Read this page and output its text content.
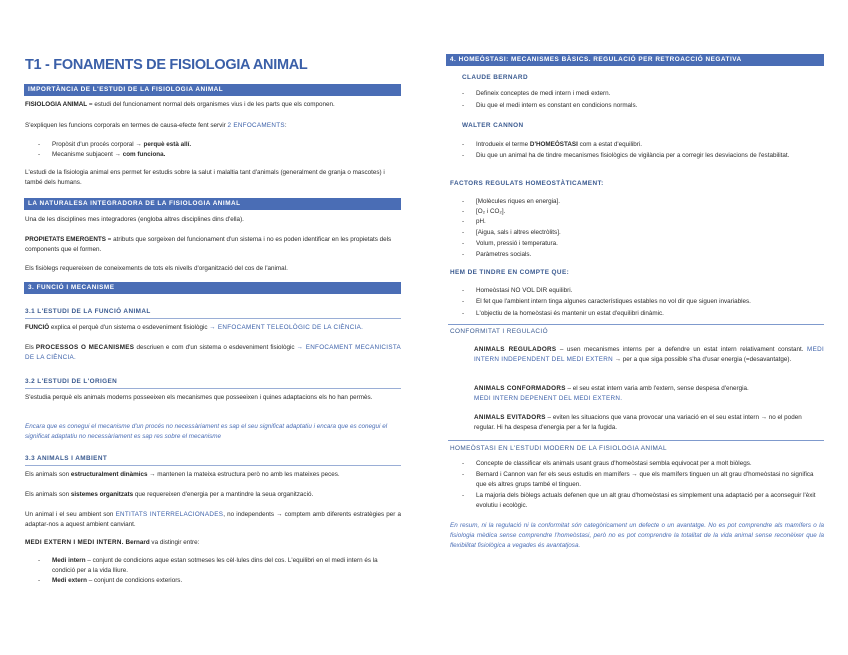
T1 - FONAMENTS DE FISIOLOGIA ANIMAL
IMPORTÀNCIA DE L'ESTUDI DE LA FISIOLOGIA ANIMAL
FISIOLOGIA ANIMAL = estudi del funcionament normal dels organismes vius i de les parts que els componen.
S'expliquen les funcions corporals en termes de causa-efecte fent servir 2 ENFOCAMENTS:
- Propòsit d'un procés corporal → perquè està allí.
- Mecanisme subjacent → com funciona.
L'estudi de la fisiologia animal ens permet fer estudis sobre la salut i malaltia tant d'animals (generalment de granja o mascotes) i també dels humans.
LA NATURALESA INTEGRADORA DE LA FISIOLOGIA ANIMAL
Una de les disciplines mes integradores (engloba altres disciplines dins d'ella).
PROPIETATS EMERGENTS = atributs que sorgeixen del funcionament d'un sistema i no es poden identificar en les propietats dels components que el formen.
Els fisiòlegs requereixen de coneixements de tots els nivells d'organització del cos de l'animal.
3. FUNCIÓ I MECANISME
3.1 L'ESTUDI DE LA FUNCIÓ ANIMAL
FUNCIÓ explica el perquè d'un sistema o esdeveniment fisiològic → ENFOCAMENT TELEOLÒGIC DE LA CIÈNCIA.
Els PROCESSOS O MECANISMES descriuen e com d'un sistema o esdeveniment fisiològic → ENFOCAMENT MECANICISTA DE LA CIÈNCIA.
3.2 L'ESTUDI DE L'ORIGEN
S'estudia perquè els animals moderns posseeixen els mecanismes que posseeixen i quines adaptacions els ho han permès.
Encara que es conegui el mecanisme d'un procés no necessàriament es sap el seu significat adaptatiu i encara que es conegui el significat adaptatiu no necessàriament es sap res sobre el mecanisme
3.3 ANIMALS I AMBIENT
Els animals son estructuralment dinàmics → mantenen la mateixa estructura però no amb les mateixes peces.
Els animals son sistemes organitzats que requereixen d'energia per a mantindre la seua organització.
Un animal i el seu ambient son ENTITATS INTERRELACIONADES, no independents → comptem amb diferents estratègies per a adaptar-nos a aquest ambient canviant.
MEDI EXTERN I MEDI INTERN. Bernard va distingir entre:
- Medi intern – conjunt de condicions aque estan sotmeses les cèl·lules dins del cos. L'equilibri en el medi intern és la condició per a la vida lliure.
- Medi extern – conjunt de condicions exteriors.
4. HOMEÒSTASI: MECANISMES BÀSICS. REGULACIÓ PER RETROACCIÓ NEGATIVA
CLAUDE BERNARD
- Defineix conceptes de medi intern i medi extern.
- Diu que el medi intern es constant en condicions normals.
WALTER CANNON
- Introdueix el terme D'HOMEÒSTASI com a estat d'equilibri.
- Diu que un animal ha de tindre mecanismes fisiològics de vigilància per a corregir les desviacions de l'estabilitat.
FACTORS REGULATS HOMEOSTÀTICAMENT:
- [Molècules riques en energia].
- [O₂ i CO₂].
- pH.
- [Aigua, sals i altres electròlits].
- Volum, pressió i temperatura.
- Paràmetres socials.
HEM DE TINDRE EN COMPTE QUE:
- Homeòstasi NO VOL DIR equilibri.
- El fet que l'ambient intern tinga algunes característiques estables no vol dir que siguen invariables.
- L'objectiu de la homeòstasi és mantenir un estat d'equilibri dinàmic.
CONFORMITAT I REGULACIÓ
ANIMALS REGULADORS – usen mecanismes interns per a defendre un estat intern relativament constant. MEDI INTERN INDEPENDENT DEL MEDI EXTERN → per a que siga possible s'ha d'usar energia (=desavantatge).
ANIMALS CONFORMADORS – el seu estat intern varia amb l'extern, sense despesa d'energia.
MEDI INTERN DEPENENT DEL MEDI EXTERN.
ANIMALS EVITADORS – eviten les situacions que vana provocar una variació en el seu estat intern → no el poden regular. Hi ha despesa d'energia per a fer la fugida.
HOMEÒSTASI EN L'ESTUDI MODERN DE LA FISIOLOGIA ANIMAL
- Concepte de classificar els animals usant graus d'homeòstasi sembla equivocat per a molt biòlegs.
- Bernard i Cannon van fer els seus estudis en mamífers → que els mamífers tinguen un alt grau d'homeòstasi no significa que els altres grups també el tinguen.
- La majoria dels biòlegs actuals defenen que un alt grau d'homeòstasi es simplement una adaptació per a aconseguir l'èxit evolutiu i ecològic.
En resum, ni la regulació ni la conformitat són categòricament un defecte o un avantatge. No es pot comprendre als mamífers o la fisiologia mèdica sense comprendre l'homeòstasi, però no es pot comprendre la totalitat de la vida animal sense reconèixer que la flexibilitat fisiològica a vegades és avantatjosa.
